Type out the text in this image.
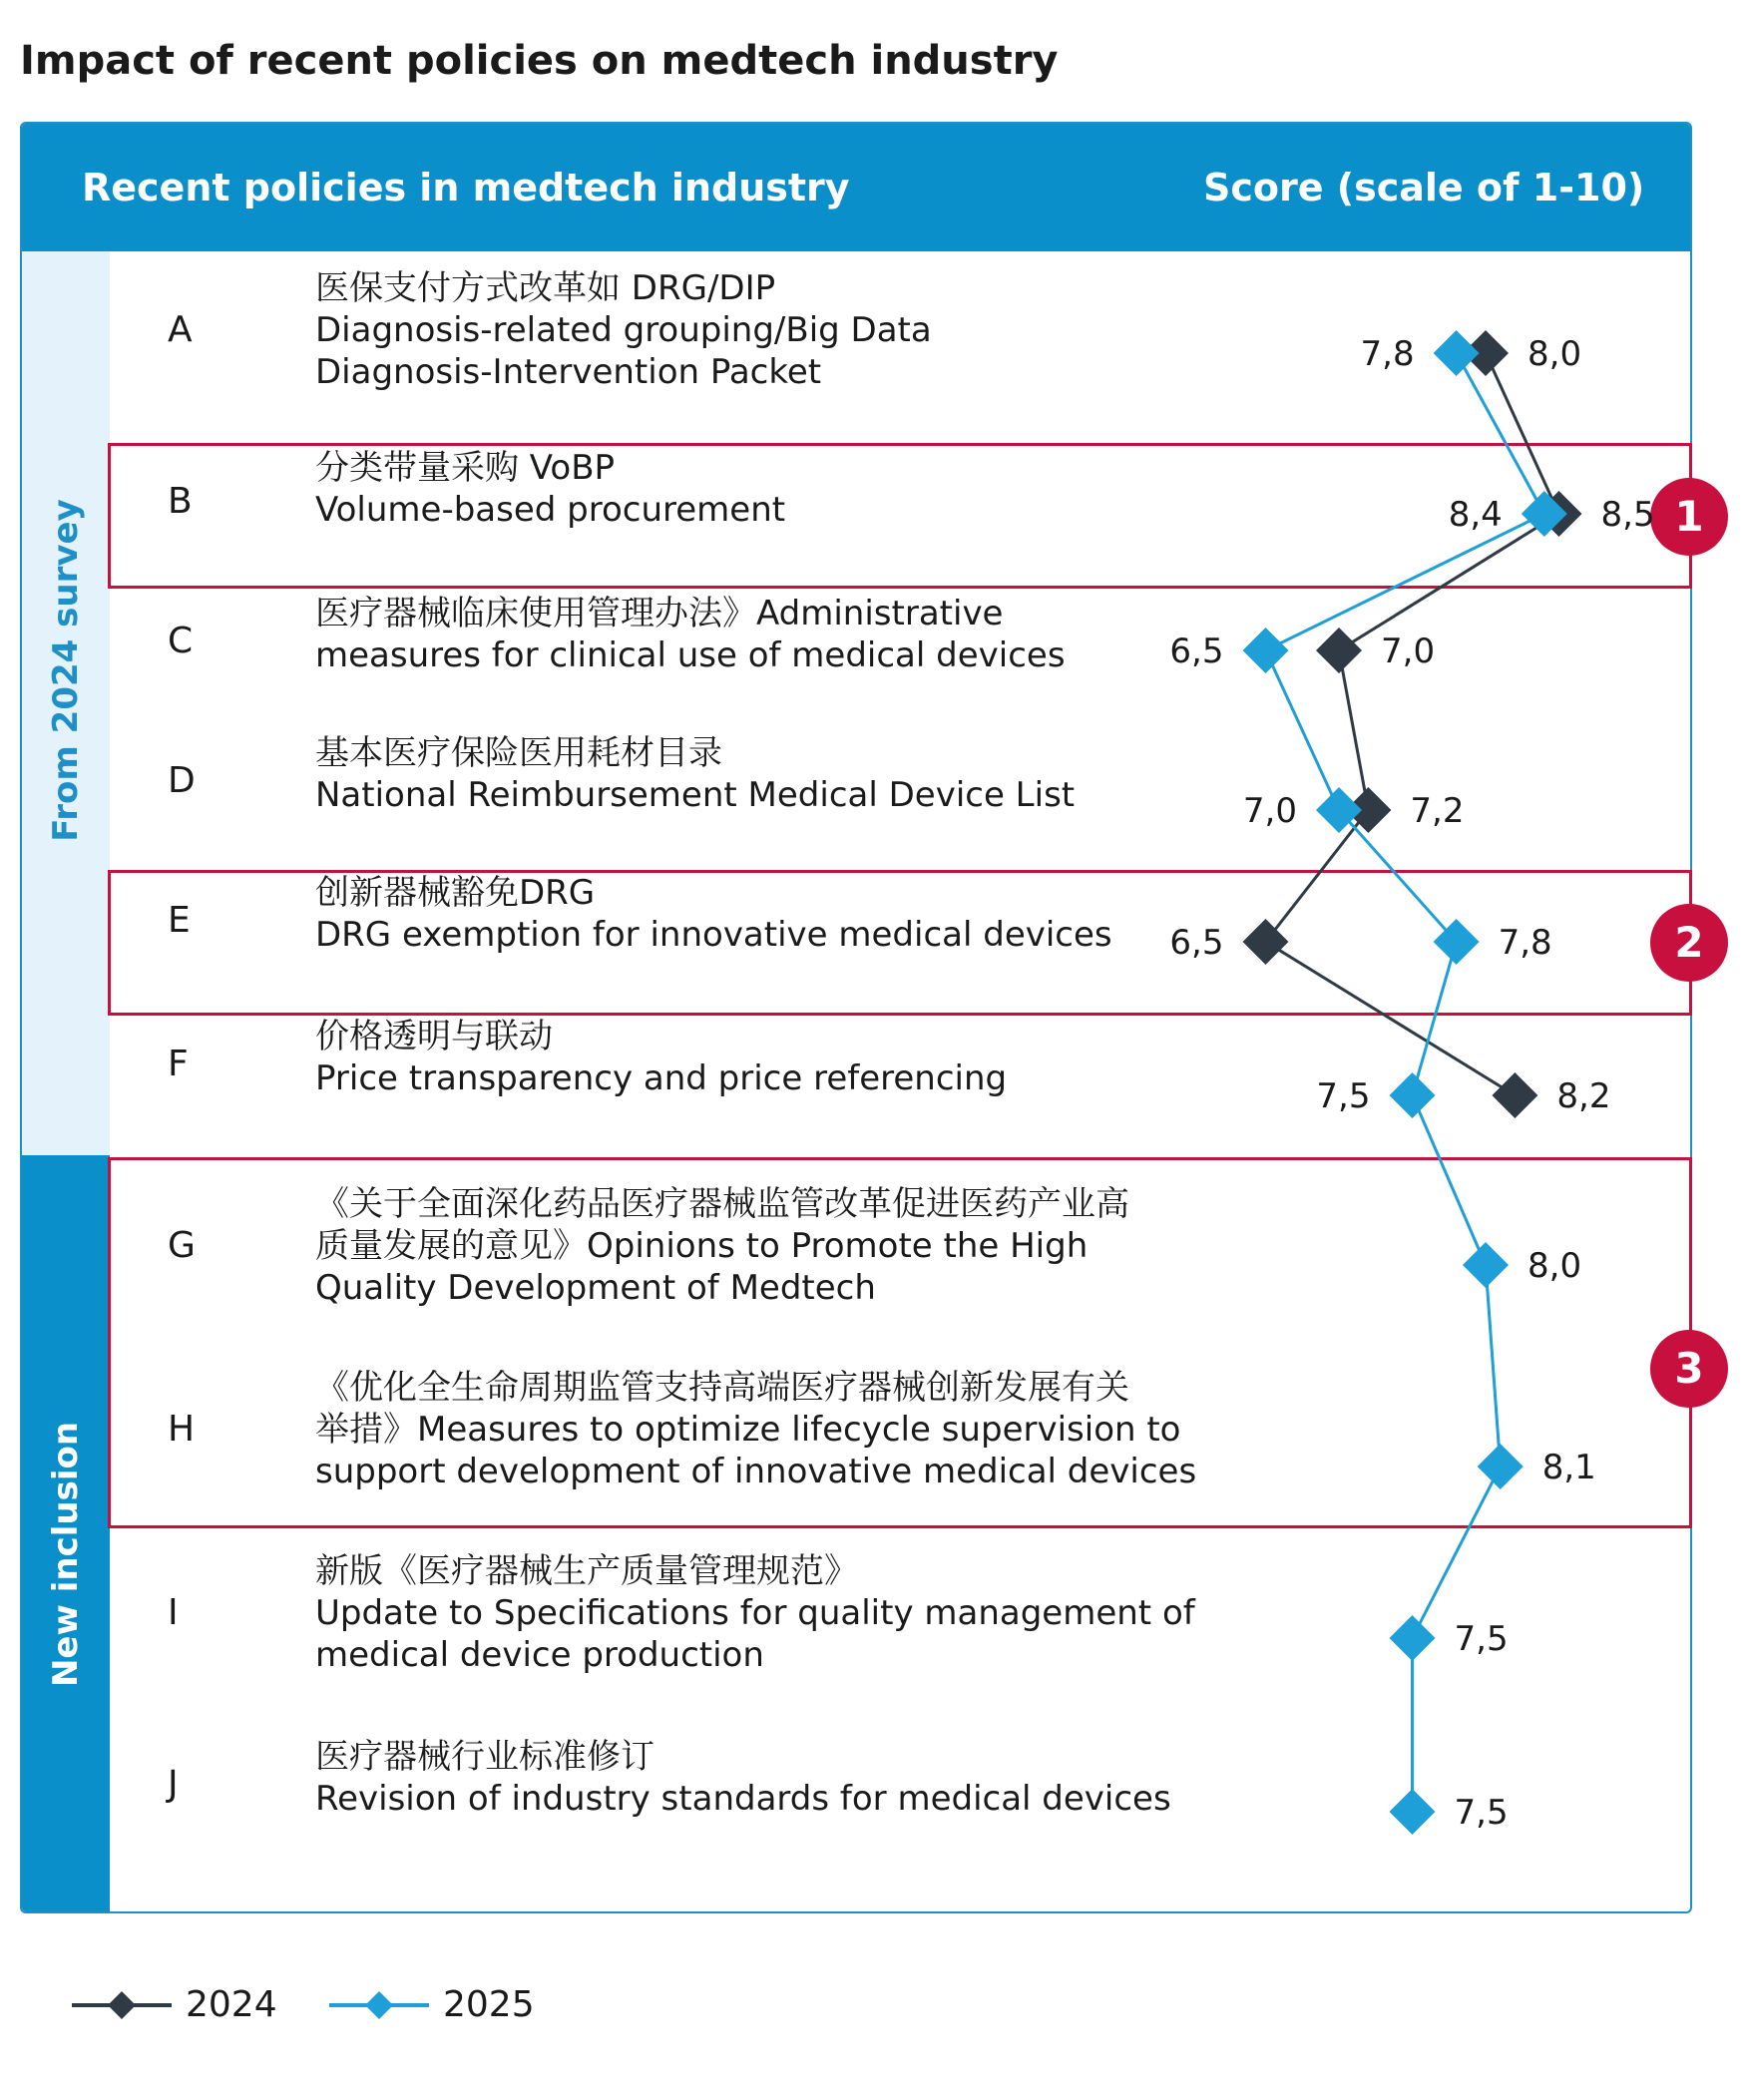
Impact of recent policies on medtech industry
Recent policies in medtech industry	Score (scale of 1-10)
From 2024 survey
New inclusion
A
医保支付方式改革如 DRG/DIP
Diagnosis-related grouping/Big Data
Diagnosis-Intervention Packet
B
分类带量采购 VoBP
Volume-based procurement
C
医疗器械临床使用管理办法》Administrative
measures for clinical use of medical devices
D
基本医疗保险医用耗材目录
National Reimbursement Medical Device List
E
创新器械豁免DRG
DRG exemption for innovative medical devices
F
价格透明与联动
Price transparency and price referencing
G
《关于全面深化药品医疗器械监管改革促进医药产业高
质量发展的意见》Opinions to Promote the High
Quality Development of Medtech
H
《优化全生命周期监管支持高端医疗器械创新发展有关
举措》Measures to optimize lifecycle supervision to
support development of innovative medical devices
I
新版《医疗器械生产质量管理规范》
Update to Specifications for quality management of
medical device production
J
医疗器械行业标准修订
Revision of industry standards for medical devices
1
2
3
8,0
8,5
7,0
7,2
6,5
8,2
7,8
8,4
6,5
7,0
7,8
7,5
8,0
8,1
7,5
7,5
2024	2025
